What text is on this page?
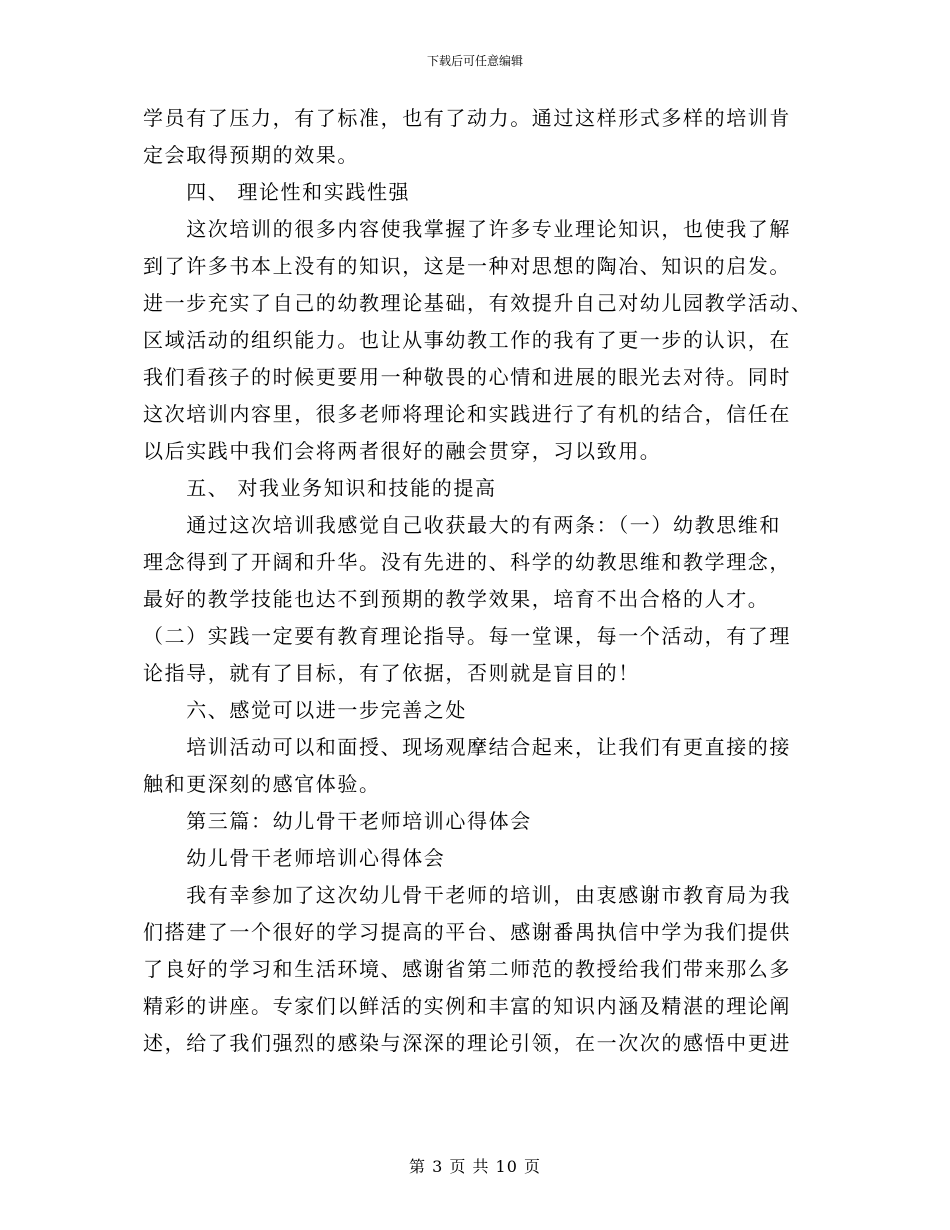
下载后可任意编辑
学员有了压力，有了标准，也有了动力。通过这样形式多样的培训肯
定会取得预期的效果。
　　四、 理论性和实践性强
　　这次培训的很多内容使我掌握了许多专业理论知识，也使我了解
到了许多书本上没有的知识，这是一种对思想的陶冶、知识的启发。
进一步充实了自己的幼教理论基础，有效提升自己对幼儿园教学活动、
区域活动的组织能力。也让从事幼教工作的我有了更一步的认识，在
我们看孩子的时候更要用一种敬畏的心情和进展的眼光去对待。同时
这次培训内容里，很多老师将理论和实践进行了有机的结合，信任在
以后实践中我们会将两者很好的融会贯穿，习以致用。
　　五、 对我业务知识和技能的提高
　　通过这次培训我感觉自己收获最大的有两条：（一）幼教思维和
理念得到了开阔和升华。没有先进的、科学的幼教思维和教学理念，
最好的教学技能也达不到预期的教学效果，培育不出合格的人才。
（二）实践一定要有教育理论指导。每一堂课，每一个活动，有了理
论指导，就有了目标，有了依据，否则就是盲目的！
　　六、感觉可以进一步完善之处
　　培训活动可以和面授、现场观摩结合起来，让我们有更直接的接
触和更深刻的感官体验。
　　第三篇：幼儿骨干老师培训心得体会
　　幼儿骨干老师培训心得体会
　　我有幸参加了这次幼儿骨干老师的培训，由衷感谢市教育局为我
们搭建了一个很好的学习提高的平台、感谢番禺执信中学为我们提供
了良好的学习和生活环境、感谢省第二师范的教授给我们带来那么多
精彩的讲座。专家们以鲜活的实例和丰富的知识内涵及精湛的理论阐
述，给了我们强烈的感染与深深的理论引领，在一次次的感悟中更进
第 3 页 共 10 页
